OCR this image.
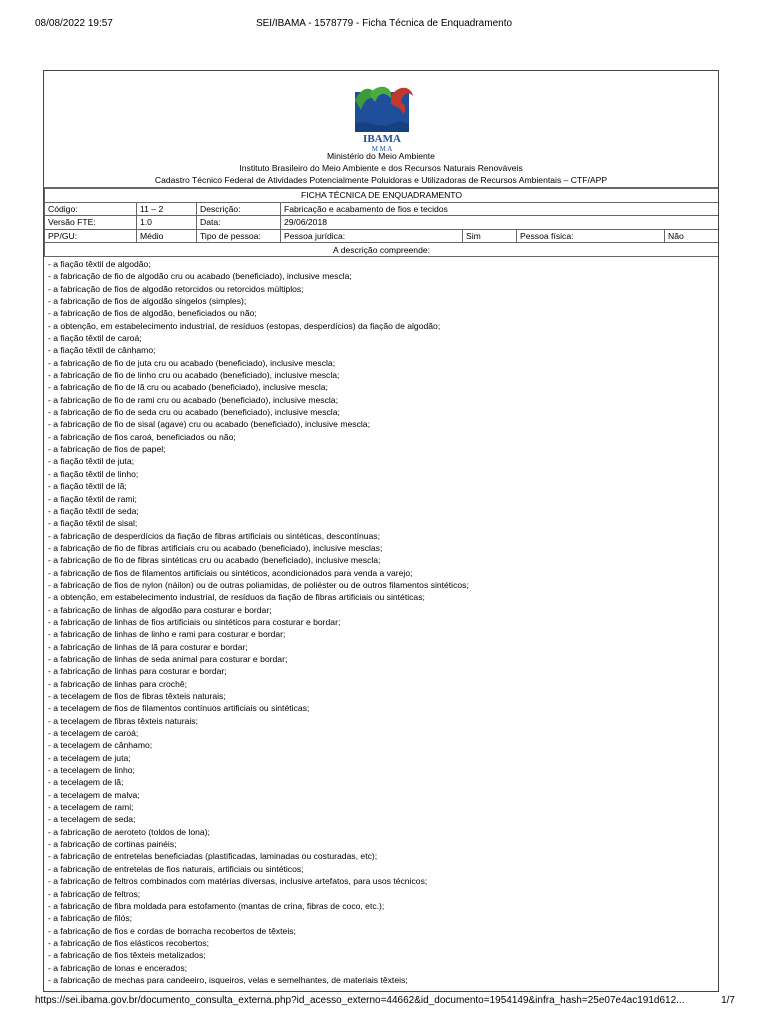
08/08/2022 19:57	SEI/IBAMA - 1578779 - Ficha Técnica de Enquadramento
IBAMA
M M A
Ministério do Meio Ambiente
Instituto Brasileiro do Meio Ambiente e dos Recursos Naturais Renováveis
Cadastro Técnico Federal de Atividades Potencialmente Poluidoras e Utilizadoras de Recursos Ambientais – CTF/APP
FICHA TÉCNICA DE ENQUADRAMENTO						
Código:	11 – 2	Descrição:	Fabricação e acabamento de fios e tecidos			
Versão FTE:	1.0	Data:	29/06/2018			
PP/GU:	Médio	Tipo de pessoa:	Pessoa jurídica:	Sim	Pessoa física:	Não
A descrição compreende:						
- a fiação têxtil de algodão;
- a fabricação de fio de algodão cru ou acabado (beneficiado), inclusive mescla;
- a fabricação de fios de algodão retorcidos ou retorcidos múltiplos;
- a fabricação de fios de algodão singelos (simples);
- a fabricação de fios de algodão, beneficiados ou não;
- a obtenção, em estabelecimento industrial, de resíduos (estopas, desperdícios) da fiação de algodão;
- a fiação têxtil de caroá;
- a fiação têxtil de cânhamo;
- a fabricação de fio de juta cru ou acabado (beneficiado), inclusive mescla;
- a fabricação de fio de linho cru ou acabado (beneficiado), inclusive mescla;
- a fabricação de fio de lã cru ou acabado (beneficiado), inclusive mescla;
- a fabricação de fio de rami cru ou acabado (beneficiado), inclusive mescla;
- a fabricação de fio de seda cru ou acabado (beneficiado), inclusive mescla;
- a fabricação de fio de sisal (agave) cru ou acabado (beneficiado), inclusive mescla;
- a fabricação de fios caroá, beneficiados ou não;
- a fabricação de fios de papel;
- a fiação têxtil de juta;
- a fiação têxtil de linho;
- a fiação têxtil de lã;
- a fiação têxtil de rami;
- a fiação têxtil de seda;
- a fiação têxtil de sisal;
- a fabricação de desperdícios da fiação de fibras artificiais ou sintéticas, descontínuas;
- a fabricação de fio de fibras artificiais cru ou acabado (beneficiado), inclusive mesclas;
- a fabricação de fio de fibras sintéticas cru ou acabado (beneficiado), inclusive mescla;
- a fabricação de fios de filamentos artificiais ou sintéticos, acondicionados para venda a varejo;
- a fabricação de fios de nylon (náilon) ou de outras poliamidas, de poliéster ou de outros filamentos sintéticos;
- a obtenção, em estabelecimento industrial, de resíduos da fiação de fibras artificiais ou sintéticas;
- a fabricação de linhas de algodão para costurar e bordar;
- a fabricação de linhas de fios artificiais ou sintéticos para costurar e bordar;
- a fabricação de linhas de linho e rami para costurar e bordar;
- a fabricação de linhas de lã para costurar e bordar;
- a fabricação de linhas de seda animal para costurar e bordar;
- a fabricação de linhas para costurar e bordar;
- a fabricação de linhas para crochê;
- a tecelagem de fios de fibras têxteis naturais;
- a tecelagem de fios de filamentos contínuos artificiais ou sintéticas;
- a tecelagem de fibras têxteis naturais;
- a tecelagem de caroá;
- a tecelagem de cânhamo;
- a tecelagem de juta;
- a tecelagem de linho;
- a tecelagem de lã;
- a tecelagem de malva;
- a tecelagem de rami;
- a tecelagem de seda;
- a fabricação de aeroteto (toldos de lona);
- a fabricação de cortinas painéis;
- a fabricação de entretelas beneficiadas (plastificadas, laminadas ou costuradas, etc);
- a fabricação de entretelas de fios naturais, artificiais ou sintéticos;
- a fabricação de feltros combinados com matérias diversas, inclusive artefatos, para usos técnicos;
- a fabricação de feltros;
- a fabricação de fibra moldada para estofamento (mantas de crina, fibras de coco, etc.);
- a fabricação de filós;
- a fabricação de fios e cordas de borracha recobertos de têxteis;
- a fabricação de fios elásticos recobertos;
- a fabricação de fios têxteis metalizados;
- a fabricação de lonas e encerados;
- a fabricação de mechas para candeeiro, isqueiros, velas e semelhantes, de materiais têxteis;
https://sei.ibama.gov.br/documento_consulta_externa.php?id_acesso_externo=44662&id_documento=1954149&infra_hash=25e07e4ac191d612...	1/7
